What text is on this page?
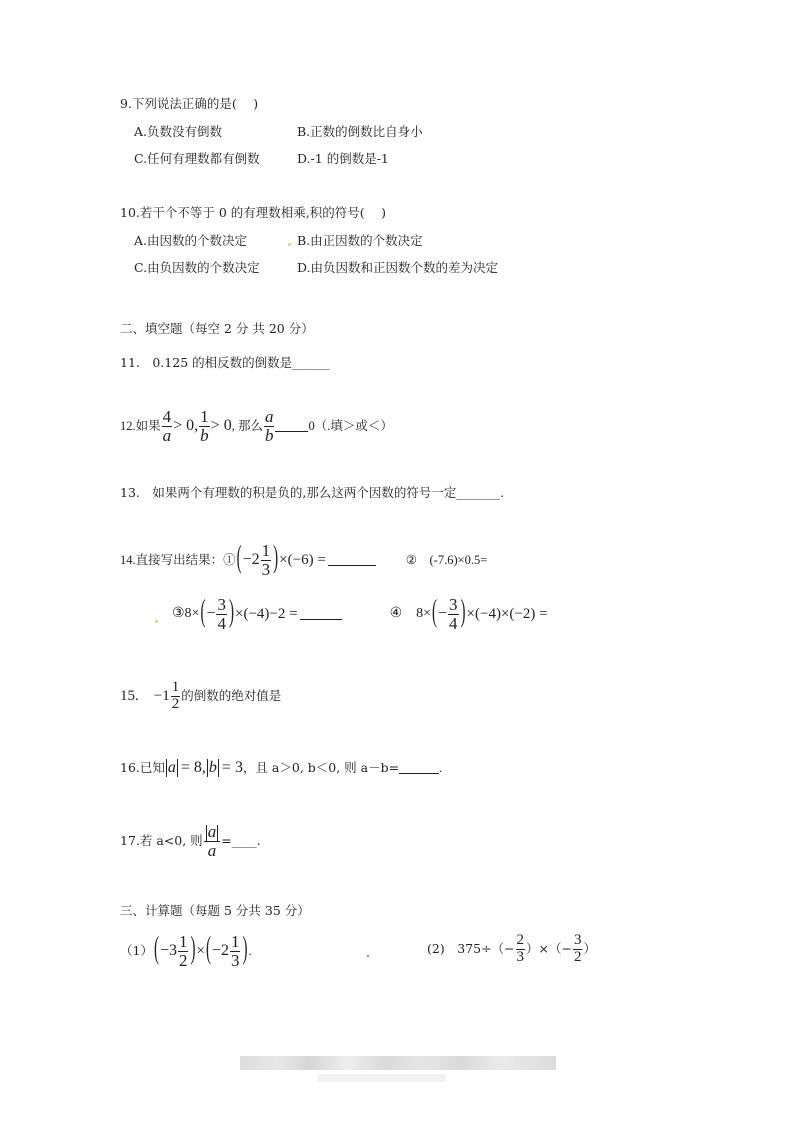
9.下列说法正确的是(　 )
A.负数没有倒数	B.正数的倒数比自身小
C.任何有理数都有倒数	D.-1 的倒数是-1
10.若干个不等于 0 的有理数相乘,积的符号(　 )
A.由因数的个数决定	B.由正因数的个数决定
C.由负因数的个数决定	D.由负因数和正因数个数的差为决定
二、填空题（每空 2 分 共 20 分）
11.　0.125 的相反数的倒数是______
12.如果 $\frac{4}{a} > 0$, $\frac{1}{b} > 0$ , 那么 $\frac{a}{b}$	0（.填＞或＜）
13.　如果两个有理数的积是负的,那么这两个因数的符号一定_______.
14.直接写出结果：① ( $-2 \frac{1}{3}$ ) ×(−6) =	②　(-7.6)×0.5=
③8× ( − $\frac{3}{4}$ ) ×(−4)−2 =	④　8× ( − $\frac{3}{4}$ ) ×(−4)×(−2) =
15.　$-1 \frac{1}{2}$ 的倒数的绝对值是
16.已知 a = 8, b = 3 ，且 a＞0, b＜0, 则 a－b=	.
17.若 a<0, 则 $\frac{a}{a}$ =____.
三、计算题（每题 5 分共 35 分）
（1） ( $-3 \frac{1}{2}$ ) × ( $-2 \frac{1}{3}$ ) .	.	(2)　$375\div(- \frac{2}{3}$ ）×（− $\frac{3}{2}$ ）
